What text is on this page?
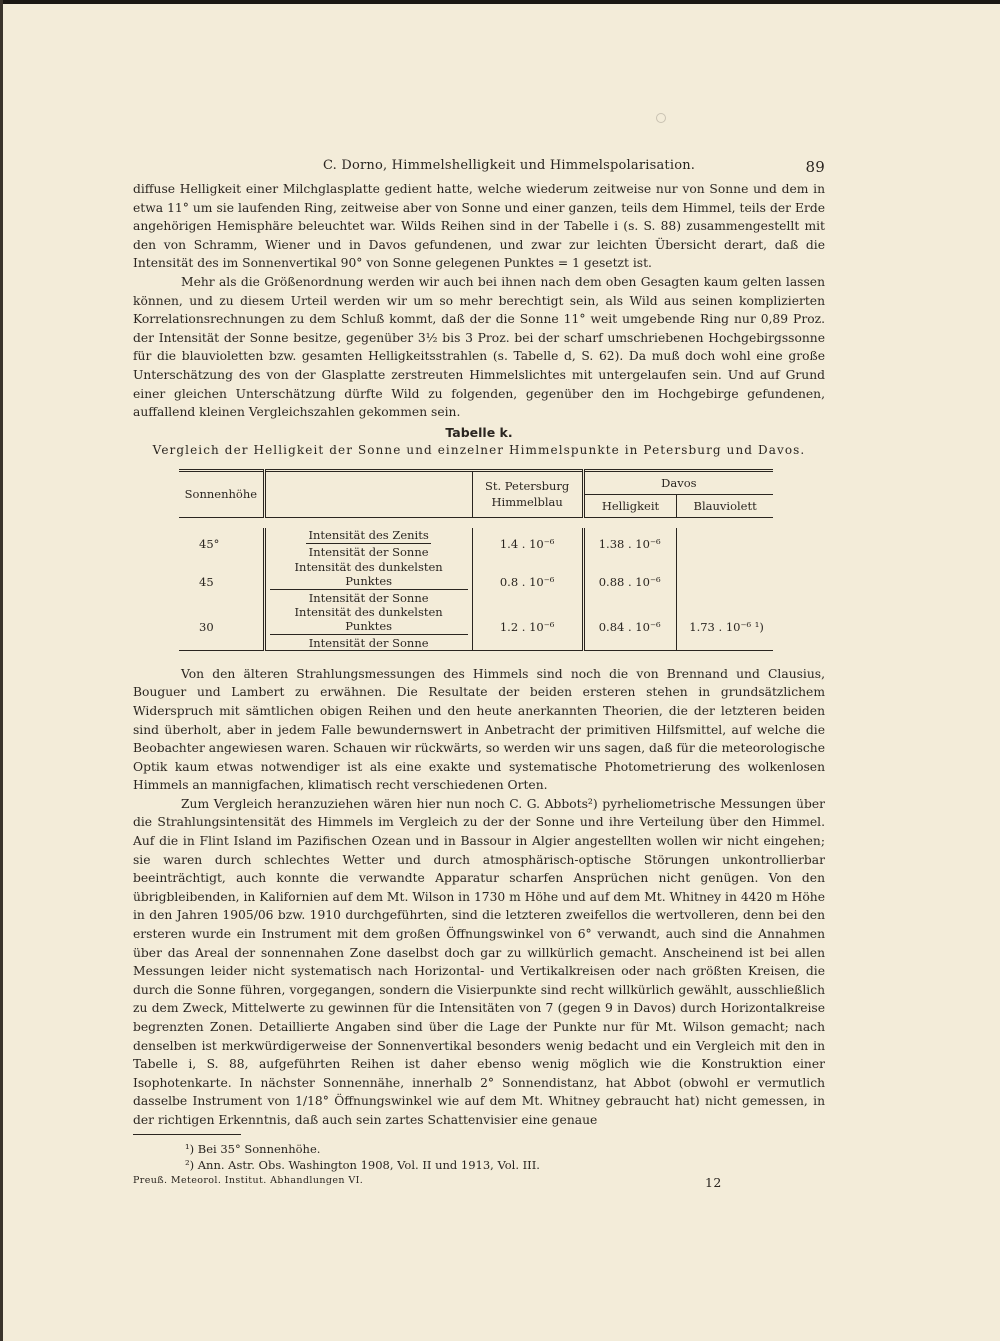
C. Dorno, Himmelshelligkeit und Himmelspolarisation.	89

diffuse Helligkeit einer Milchglasplatte gedient hatte, welche wiederum zeitweise nur von Sonne und dem in etwa 11° um sie laufenden Ring, zeitweise aber von Sonne und einer ganzen, teils dem Himmel, teils der Erde angehörigen Hemisphäre beleuchtet war. Wilds Reihen sind in der Tabelle i (s. S. 88) zusammengestellt mit den von Schramm, Wiener und in Davos gefundenen, und zwar zur leichten Übersicht derart, daß die Intensität des im Sonnenvertikal 90° von Sonne gelegenen Punktes = 1 gesetzt ist.

Mehr als die Größenordnung werden wir auch bei ihnen nach dem oben Gesagten kaum gelten lassen können, und zu diesem Urteil werden wir um so mehr berechtigt sein, als Wild aus seinen komplizierten Korrelationsrechnungen zu dem Schluß kommt, daß der die Sonne 11° weit umgebende Ring nur 0,89 Proz. der Intensität der Sonne besitze, gegenüber 3½ bis 3 Proz. bei der scharf umschriebenen Hochgebirgssonne für die blauvioletten bzw. gesamten Helligkeitsstrahlen (s. Tabelle d, S. 62). Da muß doch wohl eine große Unterschätzung des von der Glasplatte zerstreuten Himmelslichtes mit untergelaufen sein. Und auf Grund einer gleichen Unterschätzung dürfte Wild zu folgenden, gegenüber den im Hochgebirge gefundenen, auffallend kleinen Vergleichszahlen gekommen sein.

Tabelle k.
Vergleich der Helligkeit der Sonne und einzelner Himmelspunkte in Petersburg und Davos.
Sonnenhöhe		St. Petersburg Himmelblau	Davos	
			Helligkeit	Blauviolett

45°	$\frac{\text{Intensität des Zenits}}{\text{Intensität der Sonne}}$	1.4 . 10⁻⁶	1.38 . 10⁻⁶	
45	$\frac{\text{Intensität des dunkelsten Punktes}}{\text{Intensität der Sonne}}$	0.8 . 10⁻⁶	0.88 . 10⁻⁶	
30	$\frac{\text{Intensität des dunkelsten Punktes}}{\text{Intensität der Sonne}}$	1.2 . 10⁻⁶	0.84 . 10⁻⁶	1.73 . 10⁻⁶ ¹)

Von den älteren Strahlungsmessungen des Himmels sind noch die von Brennand und Clausius, Bouguer und Lambert zu erwähnen. Die Resultate der beiden ersteren stehen in grundsätzlichem Widerspruch mit sämtlichen obigen Reihen und den heute anerkannten Theorien, die der letzteren beiden sind überholt, aber in jedem Falle bewundernswert in Anbetracht der primitiven Hilfsmittel, auf welche die Beobachter angewiesen waren. Schauen wir rückwärts, so werden wir uns sagen, daß für die meteorologische Optik kaum etwas notwendiger ist als eine exakte und systematische Photometrierung des wolkenlosen Himmels an mannigfachen, klimatisch recht verschiedenen Orten.

Zum Vergleich heranzuziehen wären hier nun noch C. G. Abbots²) pyrheliometrische Messungen über die Strahlungsintensität des Himmels im Vergleich zu der der Sonne und ihre Verteilung über den Himmel. Auf die in Flint Island im Pazifischen Ozean und in Bassour in Algier angestellten wollen wir nicht eingehen; sie waren durch schlechtes Wetter und durch atmosphärisch-optische Störungen unkontrollierbar beeinträchtigt, auch konnte die verwandte Apparatur scharfen Ansprüchen nicht genügen. Von den übrigbleibenden, in Kalifornien auf dem Mt. Wilson in 1730 m Höhe und auf dem Mt. Whitney in 4420 m Höhe in den Jahren 1905/06 bzw. 1910 durchgeführten, sind die letzteren zweifellos die wertvolleren, denn bei den ersteren wurde ein Instrument mit dem großen Öffnungswinkel von 6° verwandt, auch sind die Annahmen über das Areal der sonnennahen Zone daselbst doch gar zu willkürlich gemacht. Anscheinend ist bei allen Messungen leider nicht systematisch nach Horizontal- und Vertikalkreisen oder nach größten Kreisen, die durch die Sonne führen, vorgegangen, sondern die Visierpunkte sind recht willkürlich gewählt, ausschließlich zu dem Zweck, Mittelwerte zu gewinnen für die Intensitäten von 7 (gegen 9 in Davos) durch Horizontalkreise begrenzten Zonen. Detaillierte Angaben sind über die Lage der Punkte nur für Mt. Wilson gemacht; nach denselben ist merkwürdigerweise der Sonnenvertikal besonders wenig bedacht und ein Vergleich mit den in Tabelle i, S. 88, aufgeführten Reihen ist daher ebenso wenig möglich wie die Konstruktion einer Isophotenkarte. In nächster Sonnennähe, innerhalb 2° Sonnendistanz, hat Abbot (obwohl er vermutlich dasselbe Instrument von 1/18° Öffnungswinkel wie auf dem Mt. Whitney gebraucht hat) nicht gemessen, in der richtigen Erkenntnis, daß auch sein zartes Schattenvisier eine genaue

¹) Bei 35° Sonnenhöhe.
²) Ann. Astr. Obs. Washington 1908, Vol. II und 1913, Vol. III.
Preuß. Meteorol. Institut. Abhandlungen VI.	12
